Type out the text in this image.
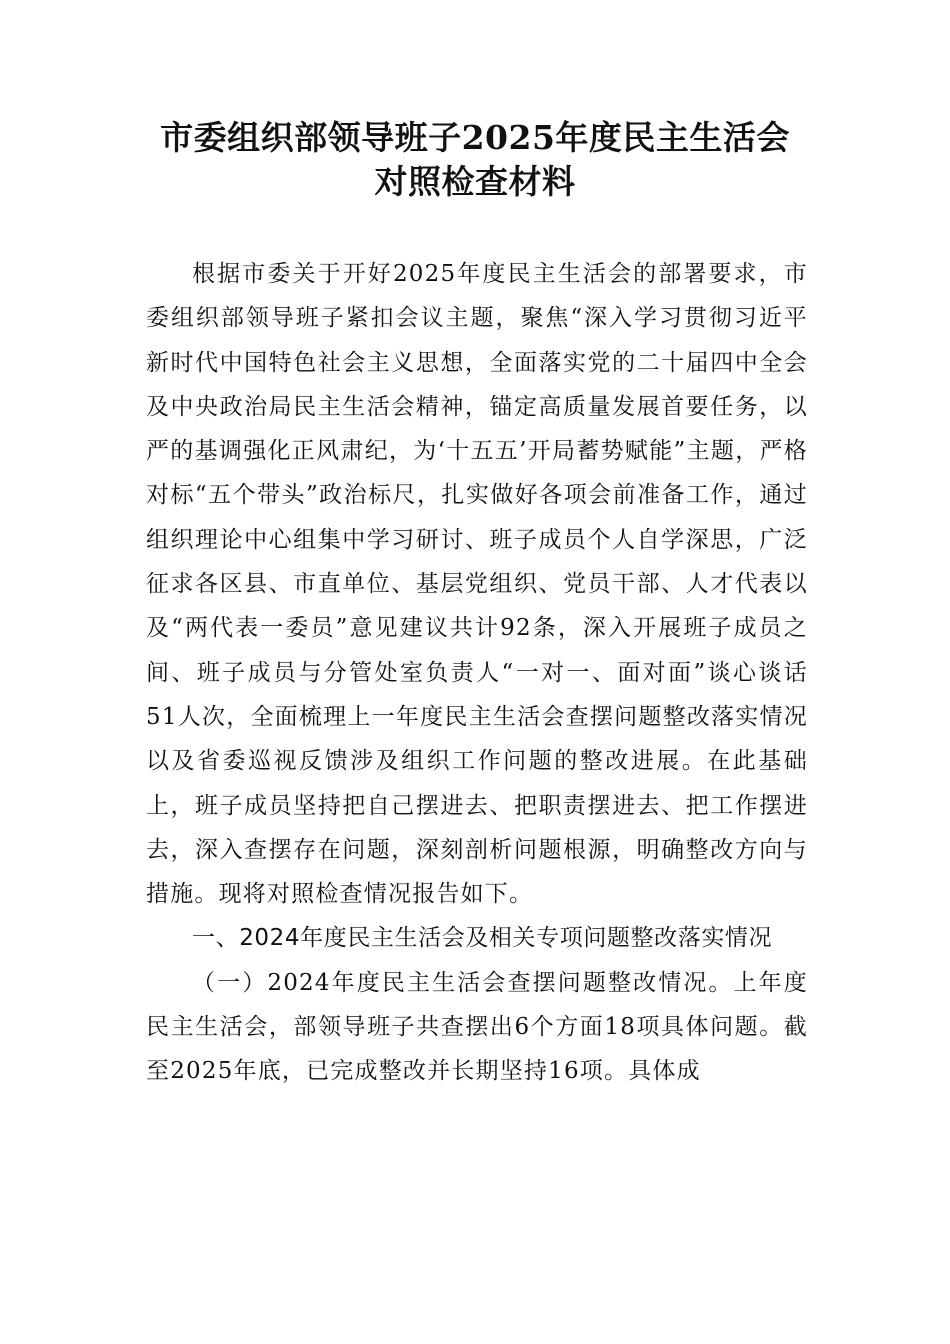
市委组织部领导班子2025年度民主生活会
对照检查材料

根据市委关于开好2025年度民主生活会的部署要求，市委组织部领导班子紧扣会议主题，聚焦“深入学习贯彻习近平新时代中国特色社会主义思想，全面落实党的二十届四中全会及中央政治局民主生活会精神，锚定高质量发展首要任务，以严的基调强化正风肃纪，为‘十五五’开局蓄势赋能”主题，严格对标“五个带头”政治标尺，扎实做好各项会前准备工作，通过组织理论中心组集中学习研讨、班子成员个人自学深思，广泛征求各区县、市直单位、基层党组织、党员干部、人才代表以及“两代表一委员”意见建议共计92条，深入开展班子成员之间、班子成员与分管处室负责人“一对一、面对面”谈心谈话51人次，全面梳理上一年度民主生活会查摆问题整改落实情况以及省委巡视反馈涉及组织工作问题的整改进展。在此基础上，班子成员坚持把自己摆进去、把职责摆进去、把工作摆进去，深入查摆存在问题，深刻剖析问题根源，明确整改方向与措施。现将对照检查情况报告如下。

一、2024年度民主生活会及相关专项问题整改落实情况

（一）2024年度民主生活会查摆问题整改情况。上年度民主生活会，部领导班子共查摆出6个方面18项具体问题。截至2025年底，已完成整改并长期坚持16项。具体成
